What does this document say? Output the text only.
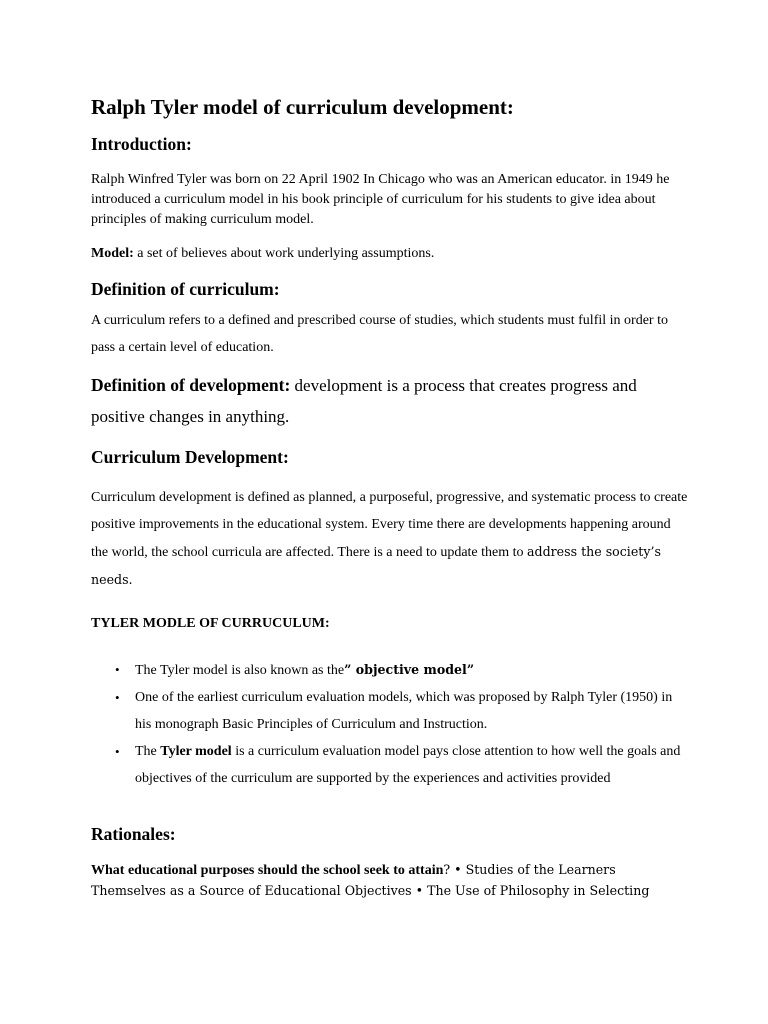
Ralph Tyler model of curriculum development:
Introduction:

Ralph Winfred Tyler was born on 22 April 1902 In Chicago who was an American educator. in 1949 he introduced a curriculum model in his book principle of curriculum for his students to give idea about principles of making curriculum model.

Model: a set of believes about work underlying assumptions.

Definition of curriculum:

A curriculum refers to a defined and prescribed course of studies, which students must fulfil in order to pass a certain level of education.

Definition of development: development is a process that creates progress and positive changes in anything.

Curriculum Development:

Curriculum development is defined as planned, a purposeful, progressive, and systematic process to create positive improvements in the educational system. Every time there are developments happening around the world, the school curricula are affected. There is a need to update them to address the society’s needs.

TYLER MODLE OF CURRUCULUM:

• The Tyler model is also known as the” objective model”
• One of the earliest curriculum evaluation models, which was proposed by Ralph Tyler (1950) in his monograph Basic Principles of Curriculum and Instruction.
• The Tyler model is a curriculum evaluation model pays close attention to how well the goals and objectives of the curriculum are supported by the experiences and activities provided
Rationales:

What educational purposes should the school seek to attain? • Studies of the Learners Themselves as a Source of Educational Objectives • The Use of Philosophy in Selecting
